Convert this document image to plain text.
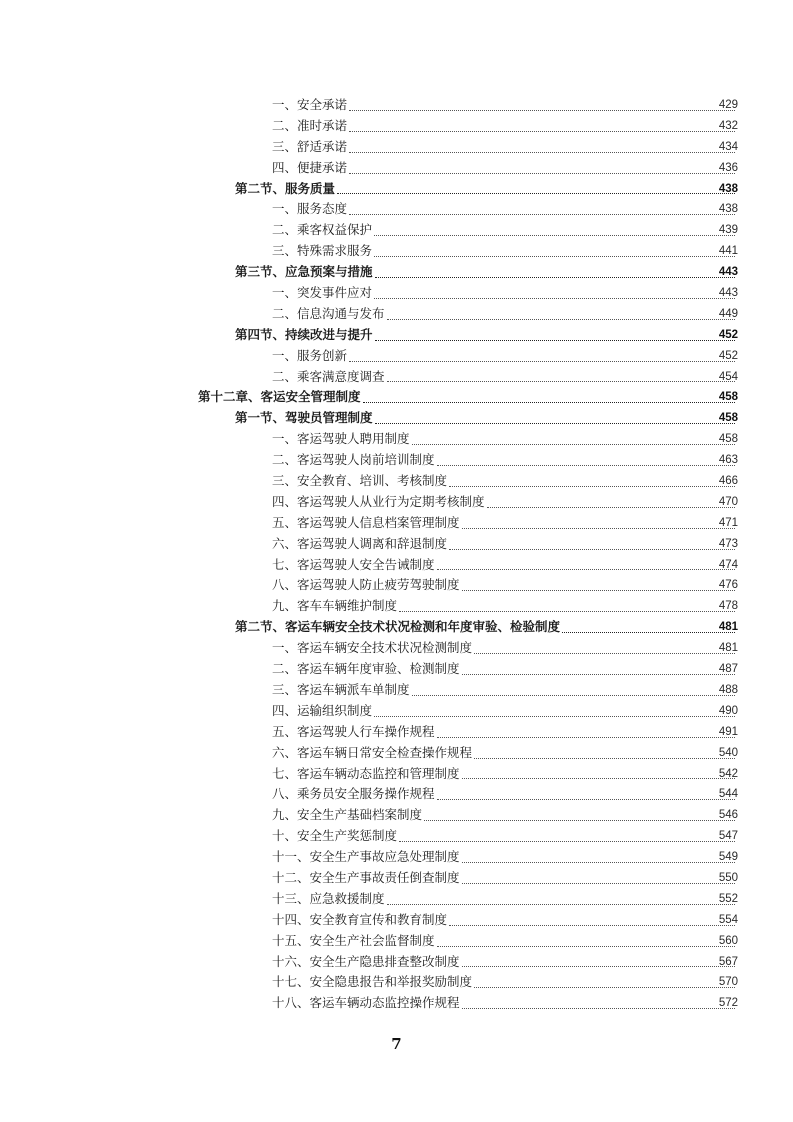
一、安全承诺	429
二、准时承诺	432
三、舒适承诺	434
四、便捷承诺	436
第二节、服务质量	438
一、服务态度	438
二、乘客权益保护	439
三、特殊需求服务	441
第三节、应急预案与措施	443
一、突发事件应对	443
二、信息沟通与发布	449
第四节、持续改进与提升	452
一、服务创新	452
二、乘客满意度调查	454
第十二章、客运安全管理制度	458
第一节、驾驶员管理制度	458
一、客运驾驶人聘用制度	458
二、客运驾驶人岗前培训制度	463
三、安全教育、培训、考核制度	466
四、客运驾驶人从业行为定期考核制度	470
五、客运驾驶人信息档案管理制度	471
六、客运驾驶人调离和辞退制度	473
七、客运驾驶人安全告诫制度	474
八、客运驾驶人防止疲劳驾驶制度	476
九、客车车辆维护制度	478
第二节、客运车辆安全技术状况检测和年度审验、检验制度	481
一、客运车辆安全技术状况检测制度	481
二、客运车辆年度审验、检测制度	487
三、客运车辆派车单制度	488
四、运输组织制度	490
五、客运驾驶人行车操作规程	491
六、客运车辆日常安全检查操作规程	540
七、客运车辆动态监控和管理制度	542
八、乘务员安全服务操作规程	544
九、安全生产基础档案制度	546
十、安全生产奖惩制度	547
十一、安全生产事故应急处理制度	549
十二、安全生产事故责任倒查制度	550
十三、应急救援制度	552
十四、安全教育宣传和教育制度	554
十五、安全生产社会监督制度	560
十六、安全生产隐患排查整改制度	567
十七、安全隐患报告和举报奖励制度	570
十八、客运车辆动态监控操作规程	572
7
